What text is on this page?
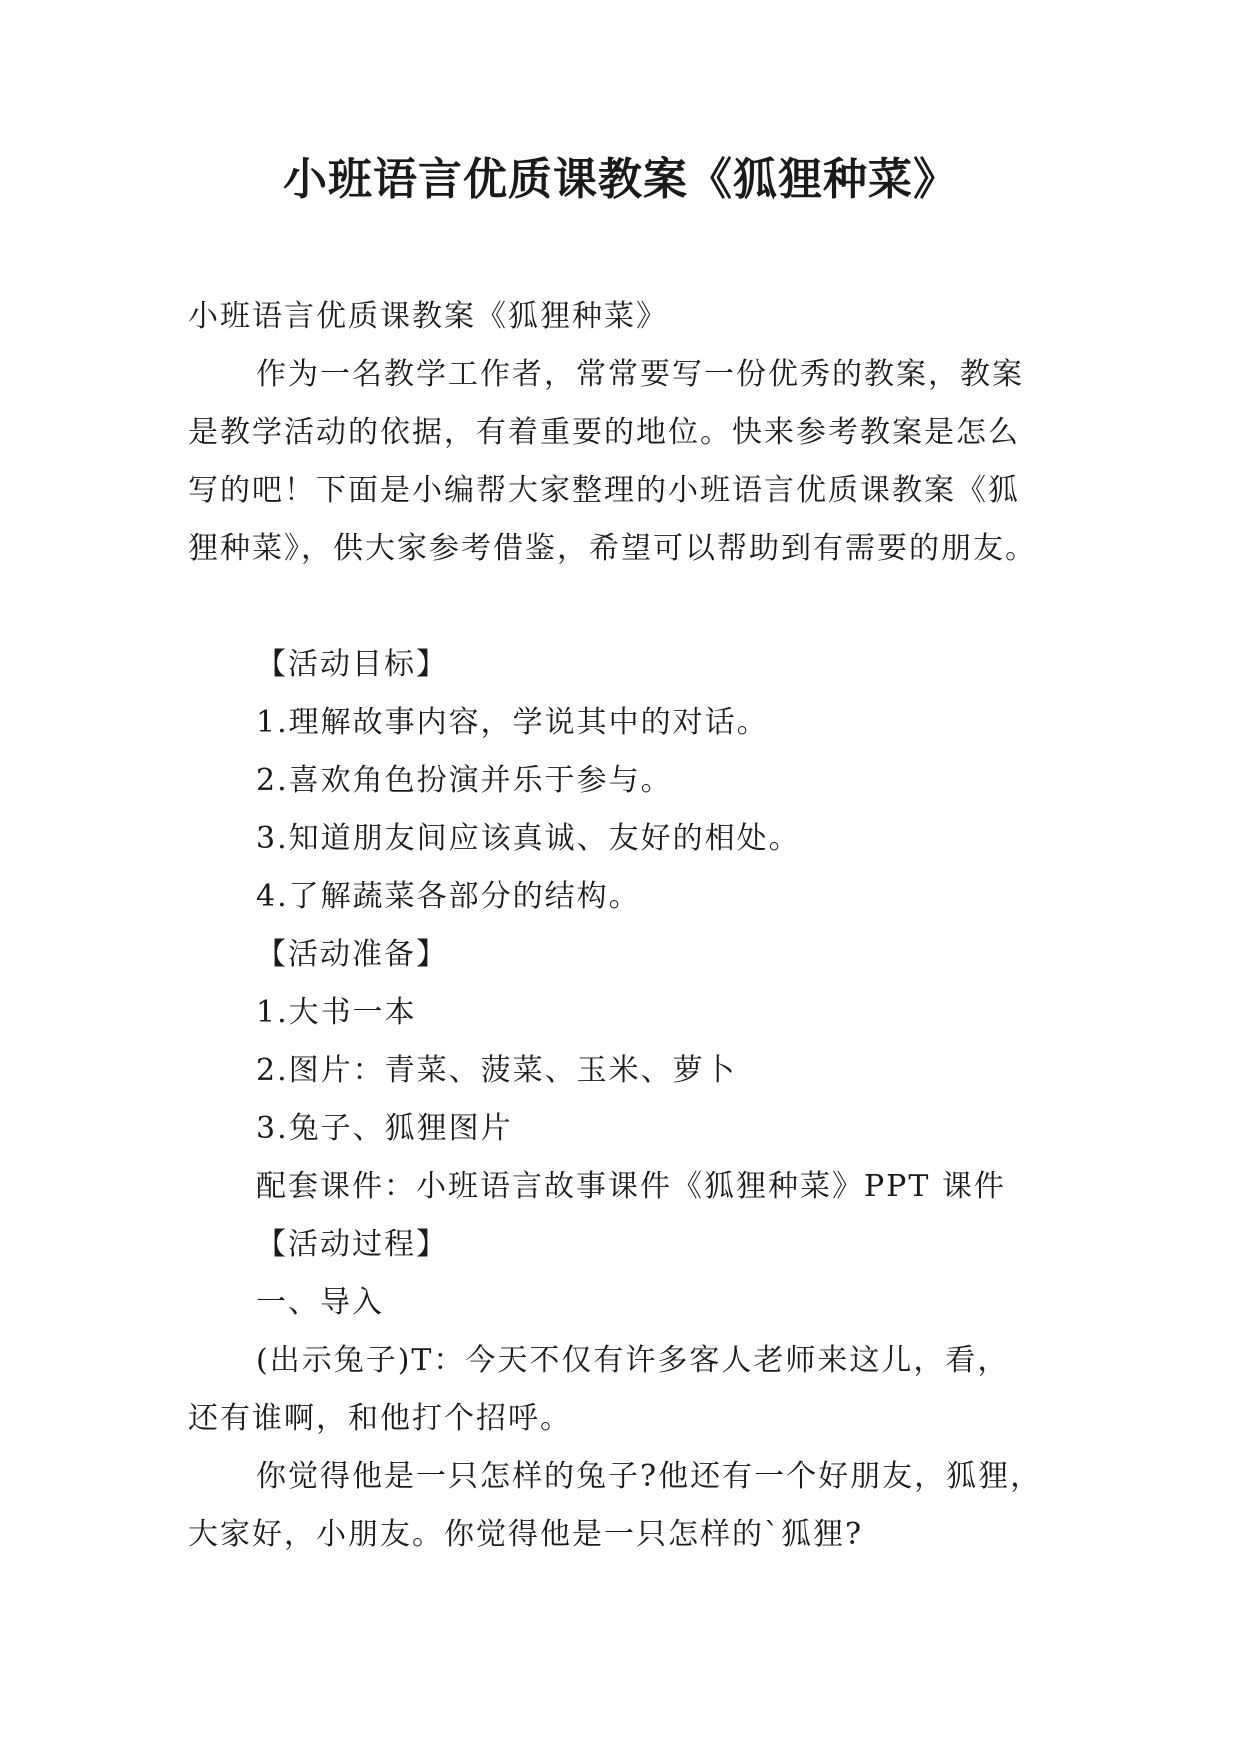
小班语言优质课教案《狐狸种菜》

小班语言优质课教案《狐狸种菜》

作为一名教学工作者，常常要写一份优秀的教案，教案

是教学活动的依据，有着重要的地位。快来参考教案是怎么

写的吧！下面是小编帮大家整理的小班语言优质课教案《狐

狸种菜》，供大家参考借鉴，希望可以帮助到有需要的朋友。

【活动目标】

1.理解故事内容，学说其中的对话。

2.喜欢角色扮演并乐于参与。

3.知道朋友间应该真诚、友好的相处。

4.了解蔬菜各部分的结构。

【活动准备】

1.大书一本

2.图片：青菜、菠菜、玉米、萝卜

3.兔子、狐狸图片

配套课件：小班语言故事课件《狐狸种菜》PPT 课件

【活动过程】

一、导入

(出示兔子)T：今天不仅有许多客人老师来这儿，看，

还有谁啊，和他打个招呼。

你觉得他是一只怎样的兔子?他还有一个好朋友，狐狸，

大家好，小朋友。你觉得他是一只怎样的`狐狸?
